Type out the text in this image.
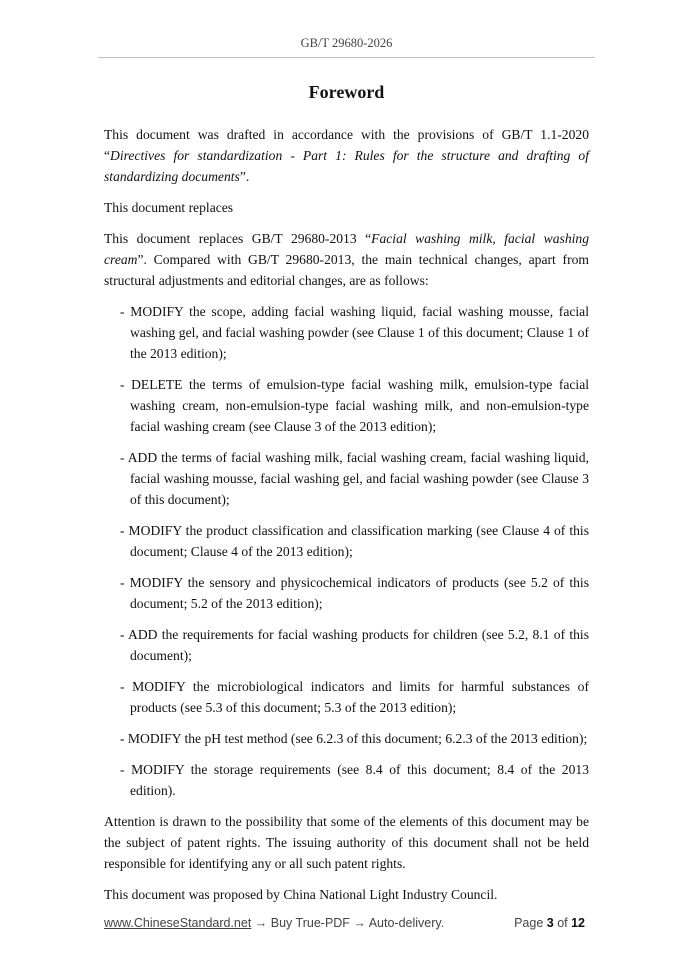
GB/T 29680-2026
Foreword

This document was drafted in accordance with the provisions of GB/T 1.1-2020 “Directives for standardization - Part 1: Rules for the structure and drafting of standardizing documents”.

This document replaces

This document replaces GB/T 29680-2013 “Facial washing milk, facial washing cream”. Compared with GB/T 29680-2013, the main technical changes, apart from structural adjustments and editorial changes, are as follows:

- MODIFY the scope, adding facial washing liquid, facial washing mousse, facial washing gel, and facial washing powder (see Clause 1 of this document; Clause 1 of the 2013 edition);
- DELETE the terms of emulsion-type facial washing milk, emulsion-type facial washing cream, non-emulsion-type facial washing milk, and non-emulsion-type facial washing cream (see Clause 3 of the 2013 edition);
- ADD the terms of facial washing milk, facial washing cream, facial washing liquid, facial washing mousse, facial washing gel, and facial washing powder (see Clause 3 of this document);
- MODIFY the product classification and classification marking (see Clause 4 of this document; Clause 4 of the 2013 edition);
- MODIFY the sensory and physicochemical indicators of products (see 5.2 of this document; 5.2 of the 2013 edition);
- ADD the requirements for facial washing products for children (see 5.2, 8.1 of this document);
- MODIFY the microbiological indicators and limits for harmful substances of products (see 5.3 of this document; 5.3 of the 2013 edition);
- MODIFY the pH test method (see 6.2.3 of this document; 6.2.3 of the 2013 edition);
- MODIFY the storage requirements (see 8.4 of this document; 8.4 of the 2013 edition).

Attention is drawn to the possibility that some of the elements of this document may be the subject of patent rights. The issuing authority of this document shall not be held responsible for identifying any or all such patent rights.

This document was proposed by China National Light Industry Council.

www.ChineseStandard.net → Buy True-PDF → Auto-delivery.	Page 3 of 12
